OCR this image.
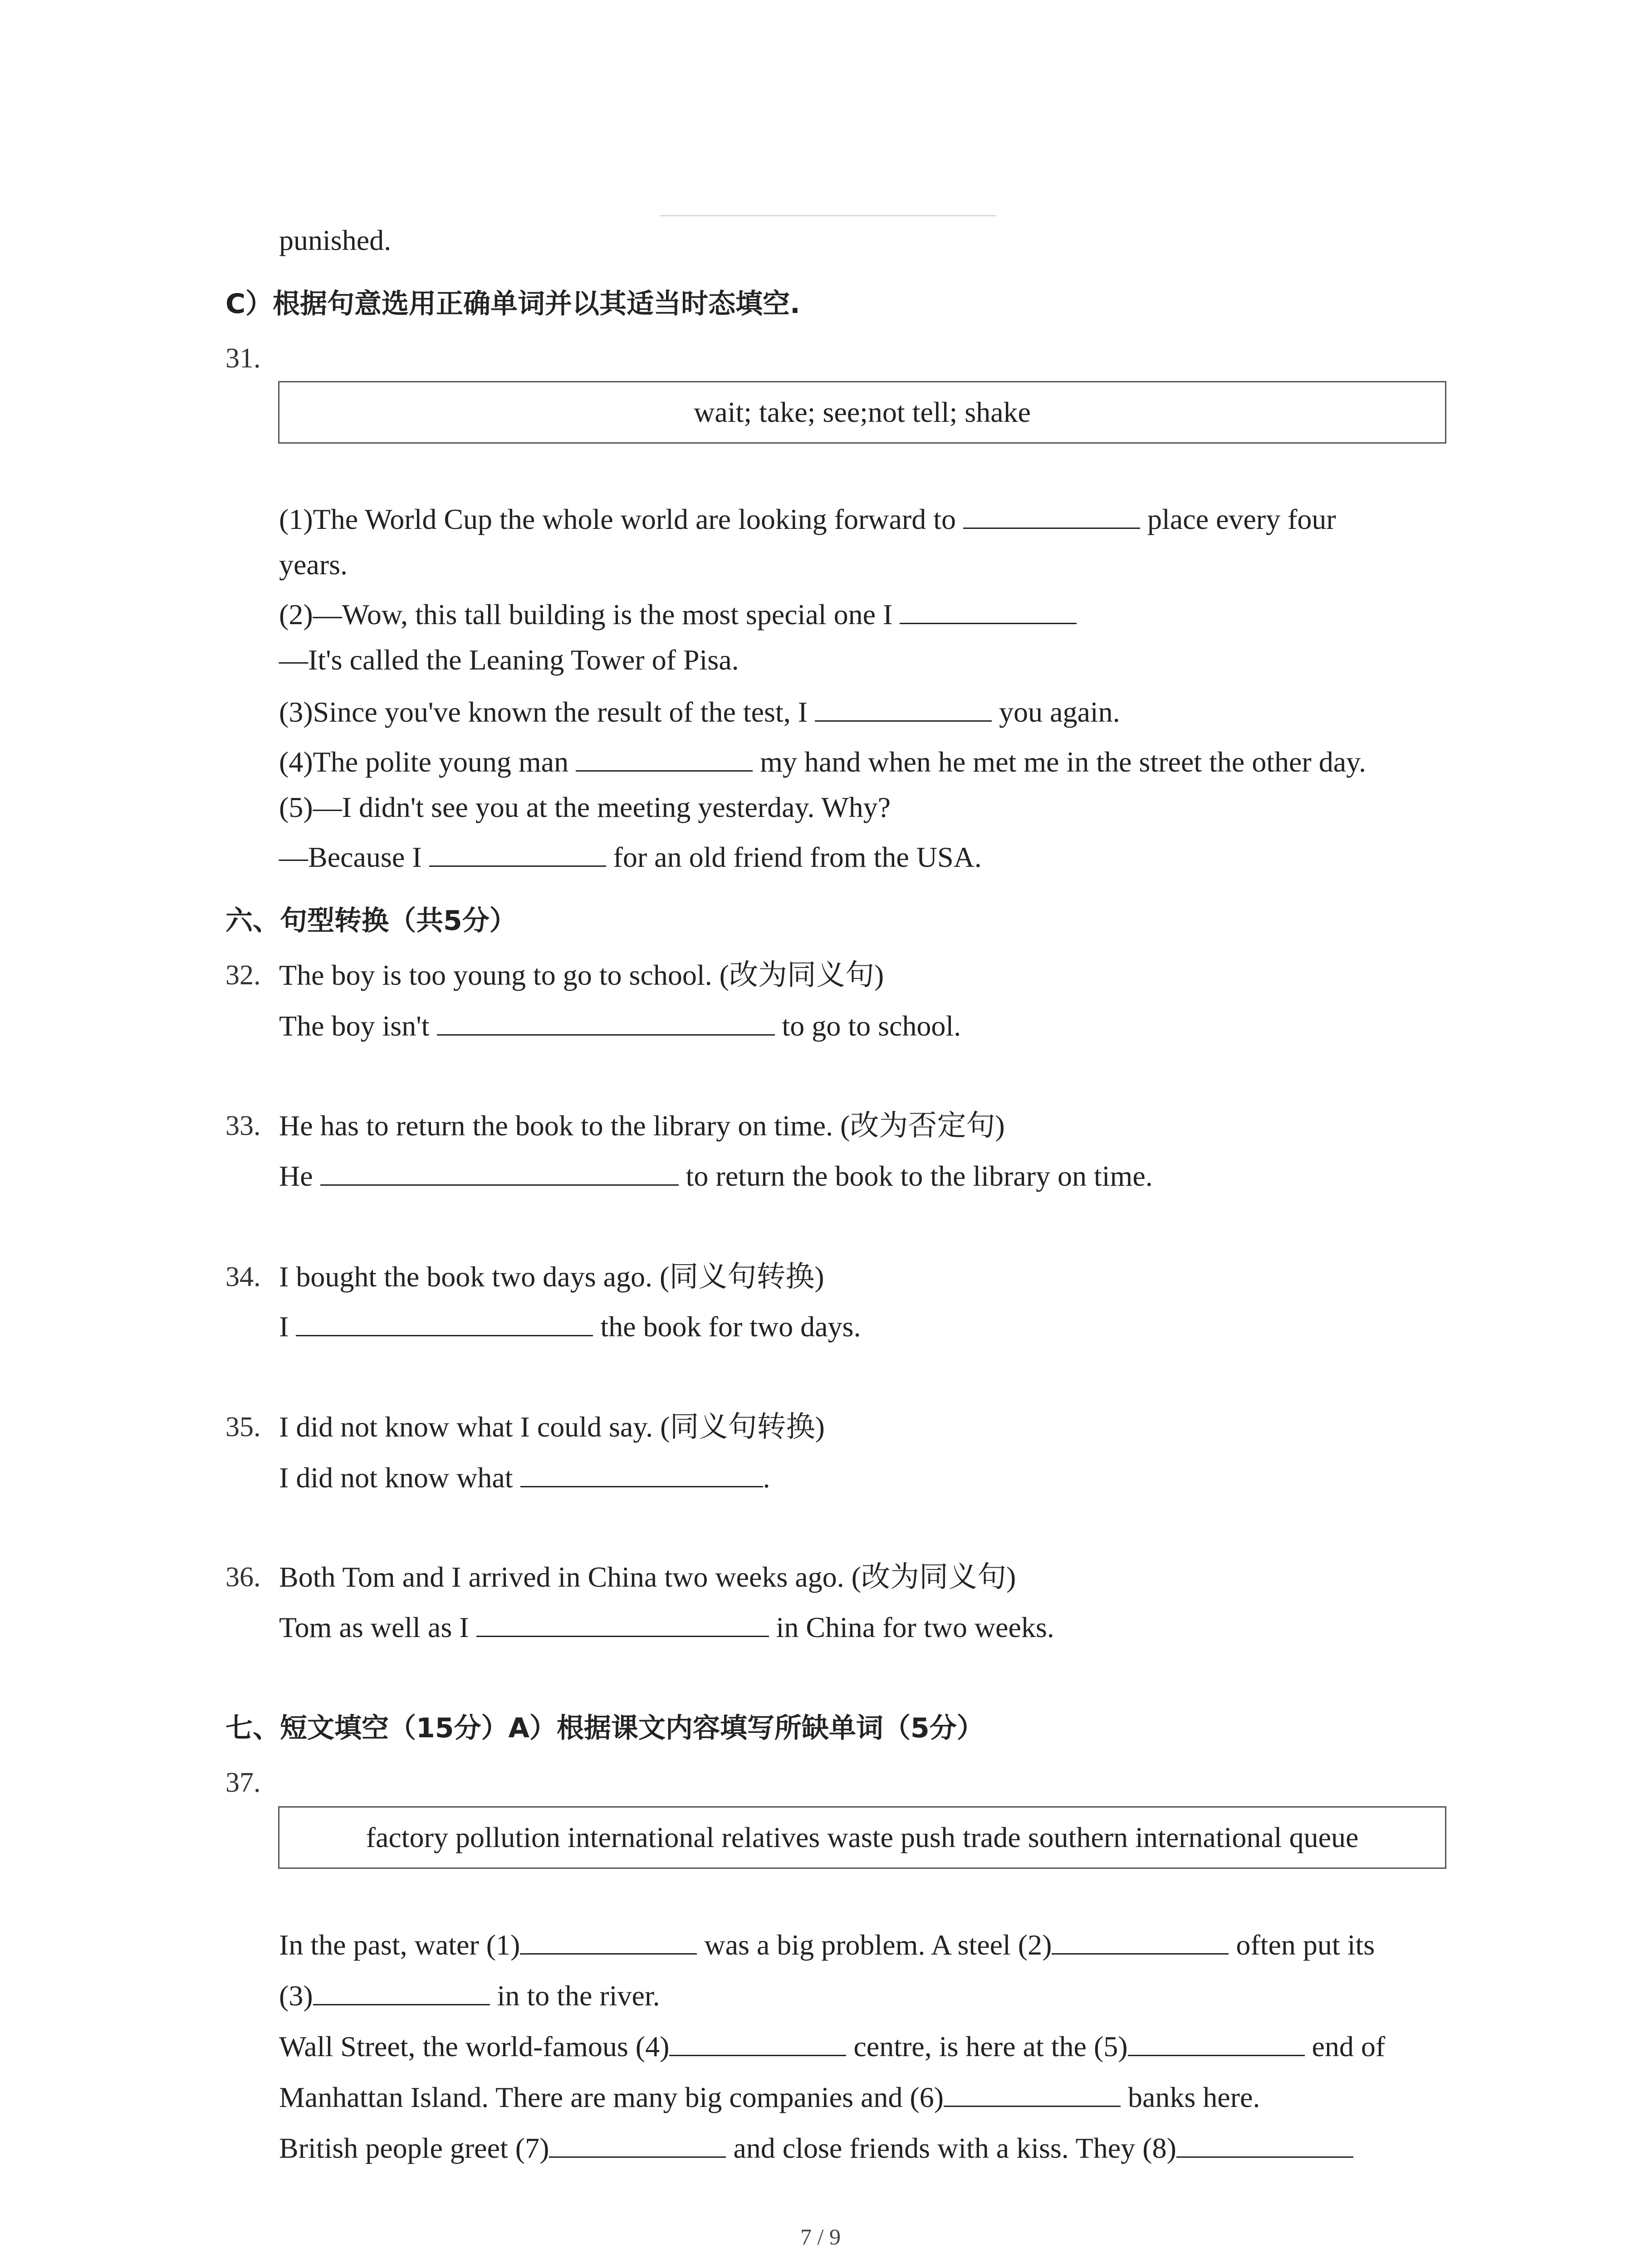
punished.
C）根据句意选用正确单词并以其适当时态填空.
31.
wait; take; see;not tell; shake
(1)The World Cup the whole world are looking forward to	place every four
years.
(2)—Wow, this tall building is the most special one I
—It's called the Leaning Tower of Pisa.
(3)Since you've known the result of the test, I	you again.
(4)The polite young man	my hand when he met me in the street the other day.
(5)—I didn't see you at the meeting yesterday. Why?
—Because I	for an old friend from the USA.
六、句型转换（共5分）
32. The boy is too young to go to school. (改为同义句)
The boy isn't	to go to school.
33. He has to return the book to the library on time. (改为否定句)
He	to return the book to the library on time.
34. I bought the book two days ago. (同义句转换)
I	the book for two days.
35. I did not know what I could say. (同义句转换)
I did not know what	.
36. Both Tom and I arrived in China two weeks ago. (改为同义句)
Tom as well as I	in China for two weeks.
七、短文填空（15分）A）根据课文内容填写所缺单词（5分）
37.
factory pollution international relatives waste push trade southern international queue
In the past, water (1)	was a big problem. A steel (2)	often put its
(3)	in to the river.
Wall Street, the world-famous (4)	centre, is here at the (5)	end of
Manhattan Island. There are many big companies and (6)	banks here.
British people greet (7)	and close friends with a kiss. They (8)
7 / 9
